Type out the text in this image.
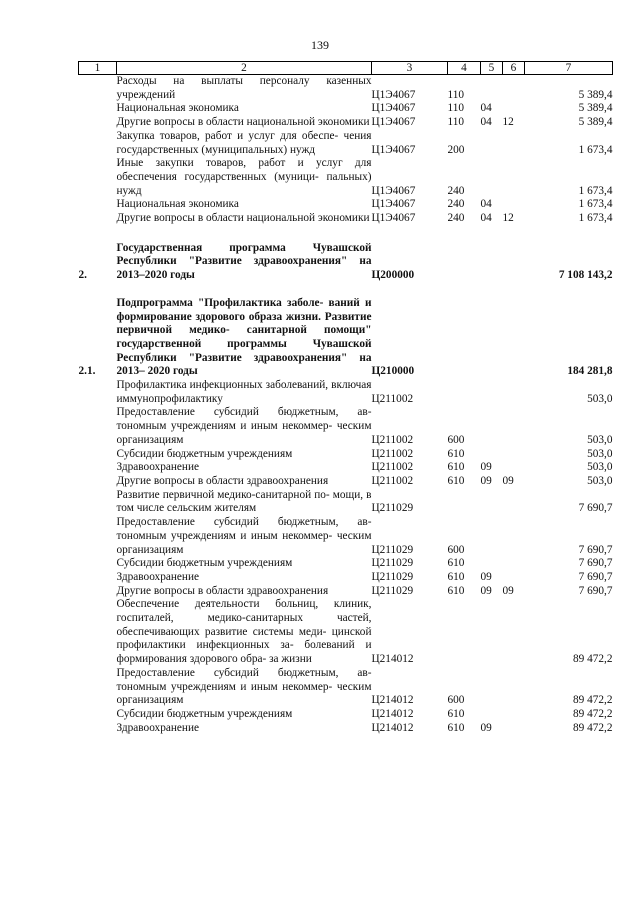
139
1	2	3	4	5	6	7
	Расходы на выплаты персоналу казенных учреждений	Ц1Э4067	110			5 389,4
	Национальная экономика	Ц1Э4067	110	04		5 389,4
	Другие вопросы в области национальной экономики	Ц1Э4067	110	04	12	5 389,4
	Закупка товаров, работ и услуг для обеспе- чения государственных (муниципальных) нужд	Ц1Э4067	200			1 673,4
	Иные закупки товаров, работ и услуг для обеспечения государственных (муници- пальных) нужд	Ц1Э4067	240			1 673,4
	Национальная экономика	Ц1Э4067	240	04		1 673,4
	Другие вопросы в области национальной экономики	Ц1Э4067	240	04	12	1 673,4

2.	Государственная программа Чувашской Республики "Развитие здравоохранения" на 2013–2020 годы	Ц200000				7 108 143,2

2.1.	Подпрограмма "Профилактика заболе- ваний и формирование здорового образа жизни. Развитие первичной медико- санитарной помощи" государственной программы Чувашской Республики "Развитие здравоохранения" на 2013– 2020 годы	Ц210000				184 281,8
	Профилактика инфекционных заболеваний, включая иммунопрофилактику	Ц211002				503,0
	Предоставление субсидий бюджетным, ав- тономным учреждениям и иным некоммер- ческим организациям	Ц211002	600			503,0
	Субсидии бюджетным учреждениям	Ц211002	610			503,0
	Здравоохранение	Ц211002	610	09		503,0
	Другие вопросы в области здравоохранения	Ц211002	610	09	09	503,0
	Развитие первичной медико-санитарной по- мощи, в том числе сельским жителям	Ц211029				7 690,7
	Предоставление субсидий бюджетным, ав- тономным учреждениям и иным некоммер- ческим организациям	Ц211029	600			7 690,7
	Субсидии бюджетным учреждениям	Ц211029	610			7 690,7
	Здравоохранение	Ц211029	610	09		7 690,7
	Другие вопросы в области здравоохранения	Ц211029	610	09	09	7 690,7
	Обеспечение деятельности больниц, клиник, госпиталей, медико-санитарных частей, обеспечивающих развитие системы меди- цинской профилактики инфекционных за- болеваний и формирования здорового обра- за жизни	Ц214012				89 472,2
	Предоставление субсидий бюджетным, ав- тономным учреждениям и иным некоммер- ческим организациям	Ц214012	600			89 472,2
	Субсидии бюджетным учреждениям	Ц214012	610			89 472,2
	Здравоохранение	Ц214012	610	09		89 472,2
